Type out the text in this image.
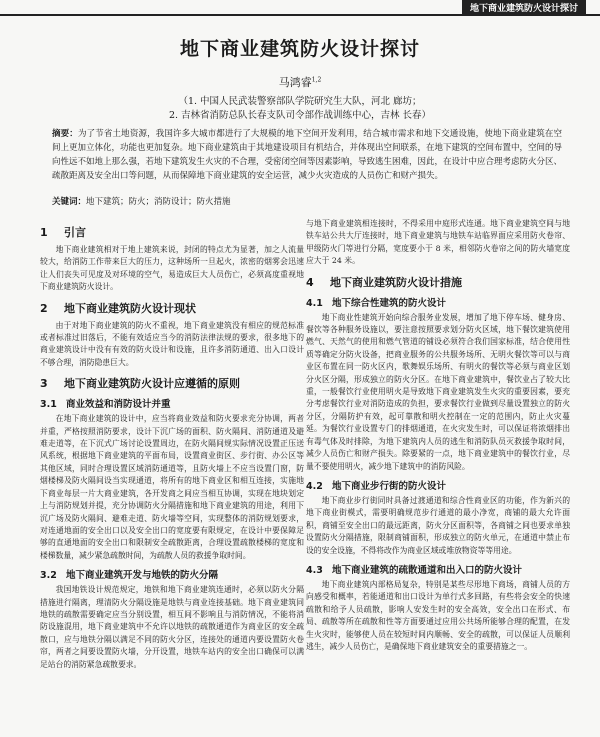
地下商业建筑防火设计探讨
地下商业建筑防火设计探讨
马鸿睿$^{1,2}$
（1. 中国人民武装警察部队学院研究生大队，河北 廊坊；
2. 吉林省消防总队长春支队司令部作战训练中心，吉林 长春）
摘要：为了节省土地资源，我国许多大城市都进行了大规模的地下空间开发利用，结合城市需求和地下交通设施，使地下商业建筑在空间上更加立体化，功能也更加复杂。地下商业建筑由于其地建设项目有机结合，并体现出空间联系，在地下建筑的空间布置中，空间的导向性远不如地上那么强，若地下建筑发生火灾的不合理，受密闭空间等因素影响，导致逃生困难，因此，在设计中应合理考虑防火分区、疏散距离及安全出口等问题，从而保障地下商业建筑的安全运营，减少火灾造成的人员伤亡和财产损失。
关键词：地下建筑；防火；消防设计；防火措施
1 引言

地下商业建筑相对于地上建筑来说，封闭的特点尤为显著，加之人流量较大，给消防工作带来巨大的压力，这种场所一旦起火，浓密的烟雾会迅速让人们丧失可见度及对环境的空气，易造成巨大人员伤亡，必须高度重视地下商业建筑防火设计。

2 地下商业建筑防火设计现状

由于对地下商业建筑的防火不重视，地下商业建筑没有相应的规范标准或者标准过旧落后，不能有效适应当今的消防法律法规的要求，很多地下的商业建筑设计中没有有效的防火设计和设施，且许多消防通道、出入口设计不够合理，消防隐患巨大。

3 地下商业建筑防火设计应遵循的原则
3.1 商业效益和消防设计并重

在地下商业建筑的设计中，应当将商业效益和防火要求充分协调，两者并重，严格按照消防要求，设计下沉广场的面积、防火隔间、消防通道及避难走道等，在下沉式广场讨论设置周边，在防火隔间规实际情况设置正压送风系统，根据地下商业建筑的平面布局，设置商业街区、步行街、办公区等其他区域，同时合理设置区域消防通道等，且防火墙上不应当设置门窗，防烟楼梯及防火隔间设当实现通道，将所有的地下商业区和相互连接，实施地下商业每层一片大商业建筑，各开发商之间应当相互协调，实现在地块划定上与消防规划并提，充分协调防火分隔措施和地下商业建筑的用途，利用下沉广场及防火隔间、避难走道、防火墙等空间，实现整体的消防规划要求，对连通地面的安全出口以及安全出口的宽度要有限规定，在设计中要保障足够的直通地面的安全出口和限制安全疏散距离，合理设置疏散楼梯的宽度和楼梯数量，减少紧急疏散时间，为疏散人员的救援争取时间。

3.2 地下商业建筑开发与地铁的防火分隔

我国地铁设计规范规定，地铁和地下商业建筑连通时，必须以防火分隔措施进行隔离，理清防火分隔设施是地铁与商业连接基础。地下商业建筑同地铁的疏散需要确定应当分别设置，相互间不影响且与消防情况，不能将消防设施混用，地下商业建筑中不允许以地铁的疏散通道作为商业区的安全疏散口，应与地铁分隔以满足不同的防火分区，连接处的通道内要设置防火卷帘，两者之间要设置防火墙，分开设置，地铁车站内的安全出口确保可以满足站台的消防紧急疏散要求。

与地下商业建筑相连接时，不得采用中庭形式连通。地下商业建筑空间与地铁车站公共大厅连接时，地下商业建筑与地铁车站临界面应采用防火卷帘、甲级防火门等进行分隔，宽度要小于 8 米，相邻防火卷帘之间的防火墙宽度应大于 24 米。

4 地下商业建筑防火设计措施
4.1 地下综合性建筑的防火设计

地下商业性建筑开始向综合服务业发展，增加了地下停车场、健身房、餐饮等各种服务设施以，要注意按照要求划分防火区域，地下餐饮建筑使用燃气、天然气的使用和燃气管道的铺设必须符合我们国家标准，结合使用性质等确定分防火设备，把商业服务的公共服务场所、无明火餐饮等可以与商业区布置在同一防火区内，歌舞娱乐场所、有明火的餐饮等必须与商业区划分火区分隔，形成独立的防火分区。在地下商业建筑中，餐饮业占了较大比重，一般餐饮行业使用明火是导致地下商业建筑发生火灾的重要因素，要充分考虑餐饮行业对消防造成的负担，要求餐饮行业做到尽量设置独立的防火分区，分隔防护有效，起可靠散和明火控制在一定的范围内，防止火灾蔓延。为餐饮行业设置专门的排烟通道，在火灾发生时，可以保证将浓烟排出有毒气体及时排除，为地下建筑内人员的逃生和消防队员灭救援争取时间，减少人员伤亡和财产损失。除要紧的一点，地下商业建筑中的餐饮行业，尽量不要使用明火，减少地下建筑中的消防风险。

4.2 地下商业步行街的防火设计

地下商业步行街同时具备过渡通道和综合性商业区的功能，作为新兴的地下商业街模式，需要明确规范步行通道的最小净宽，商铺的最大允许面积，商铺至安全出口的最远距离，防火分区面积等，各商铺之间也要求单独设置防火分隔措施，限制商铺面积，形成独立的防火单元，在通道中禁止布设的安全设施，不得将改作为商业区域或堆放物资等等用途。

4.3 地下商业建筑的疏散通道和出入口的防火设计

地下商业建筑内部格局复杂，特别是某些尽形地下商场，商铺人员的方向感受和概率，若能通道和出口设计为单行式多回路，有些将会安全的快速疏散和给予人员疏散，影响人安发生时的安全高效，安全出口在形式、布局、疏散等所在疏散和性等方面要通过应用公共场所能够合理的配置，在发生火灾时，能够使人员在较短时间内顺畅、安全的疏散，可以保证人员顺利逃生，减少人员伤亡，是确保地下商业建筑安全的重要措施之一。
